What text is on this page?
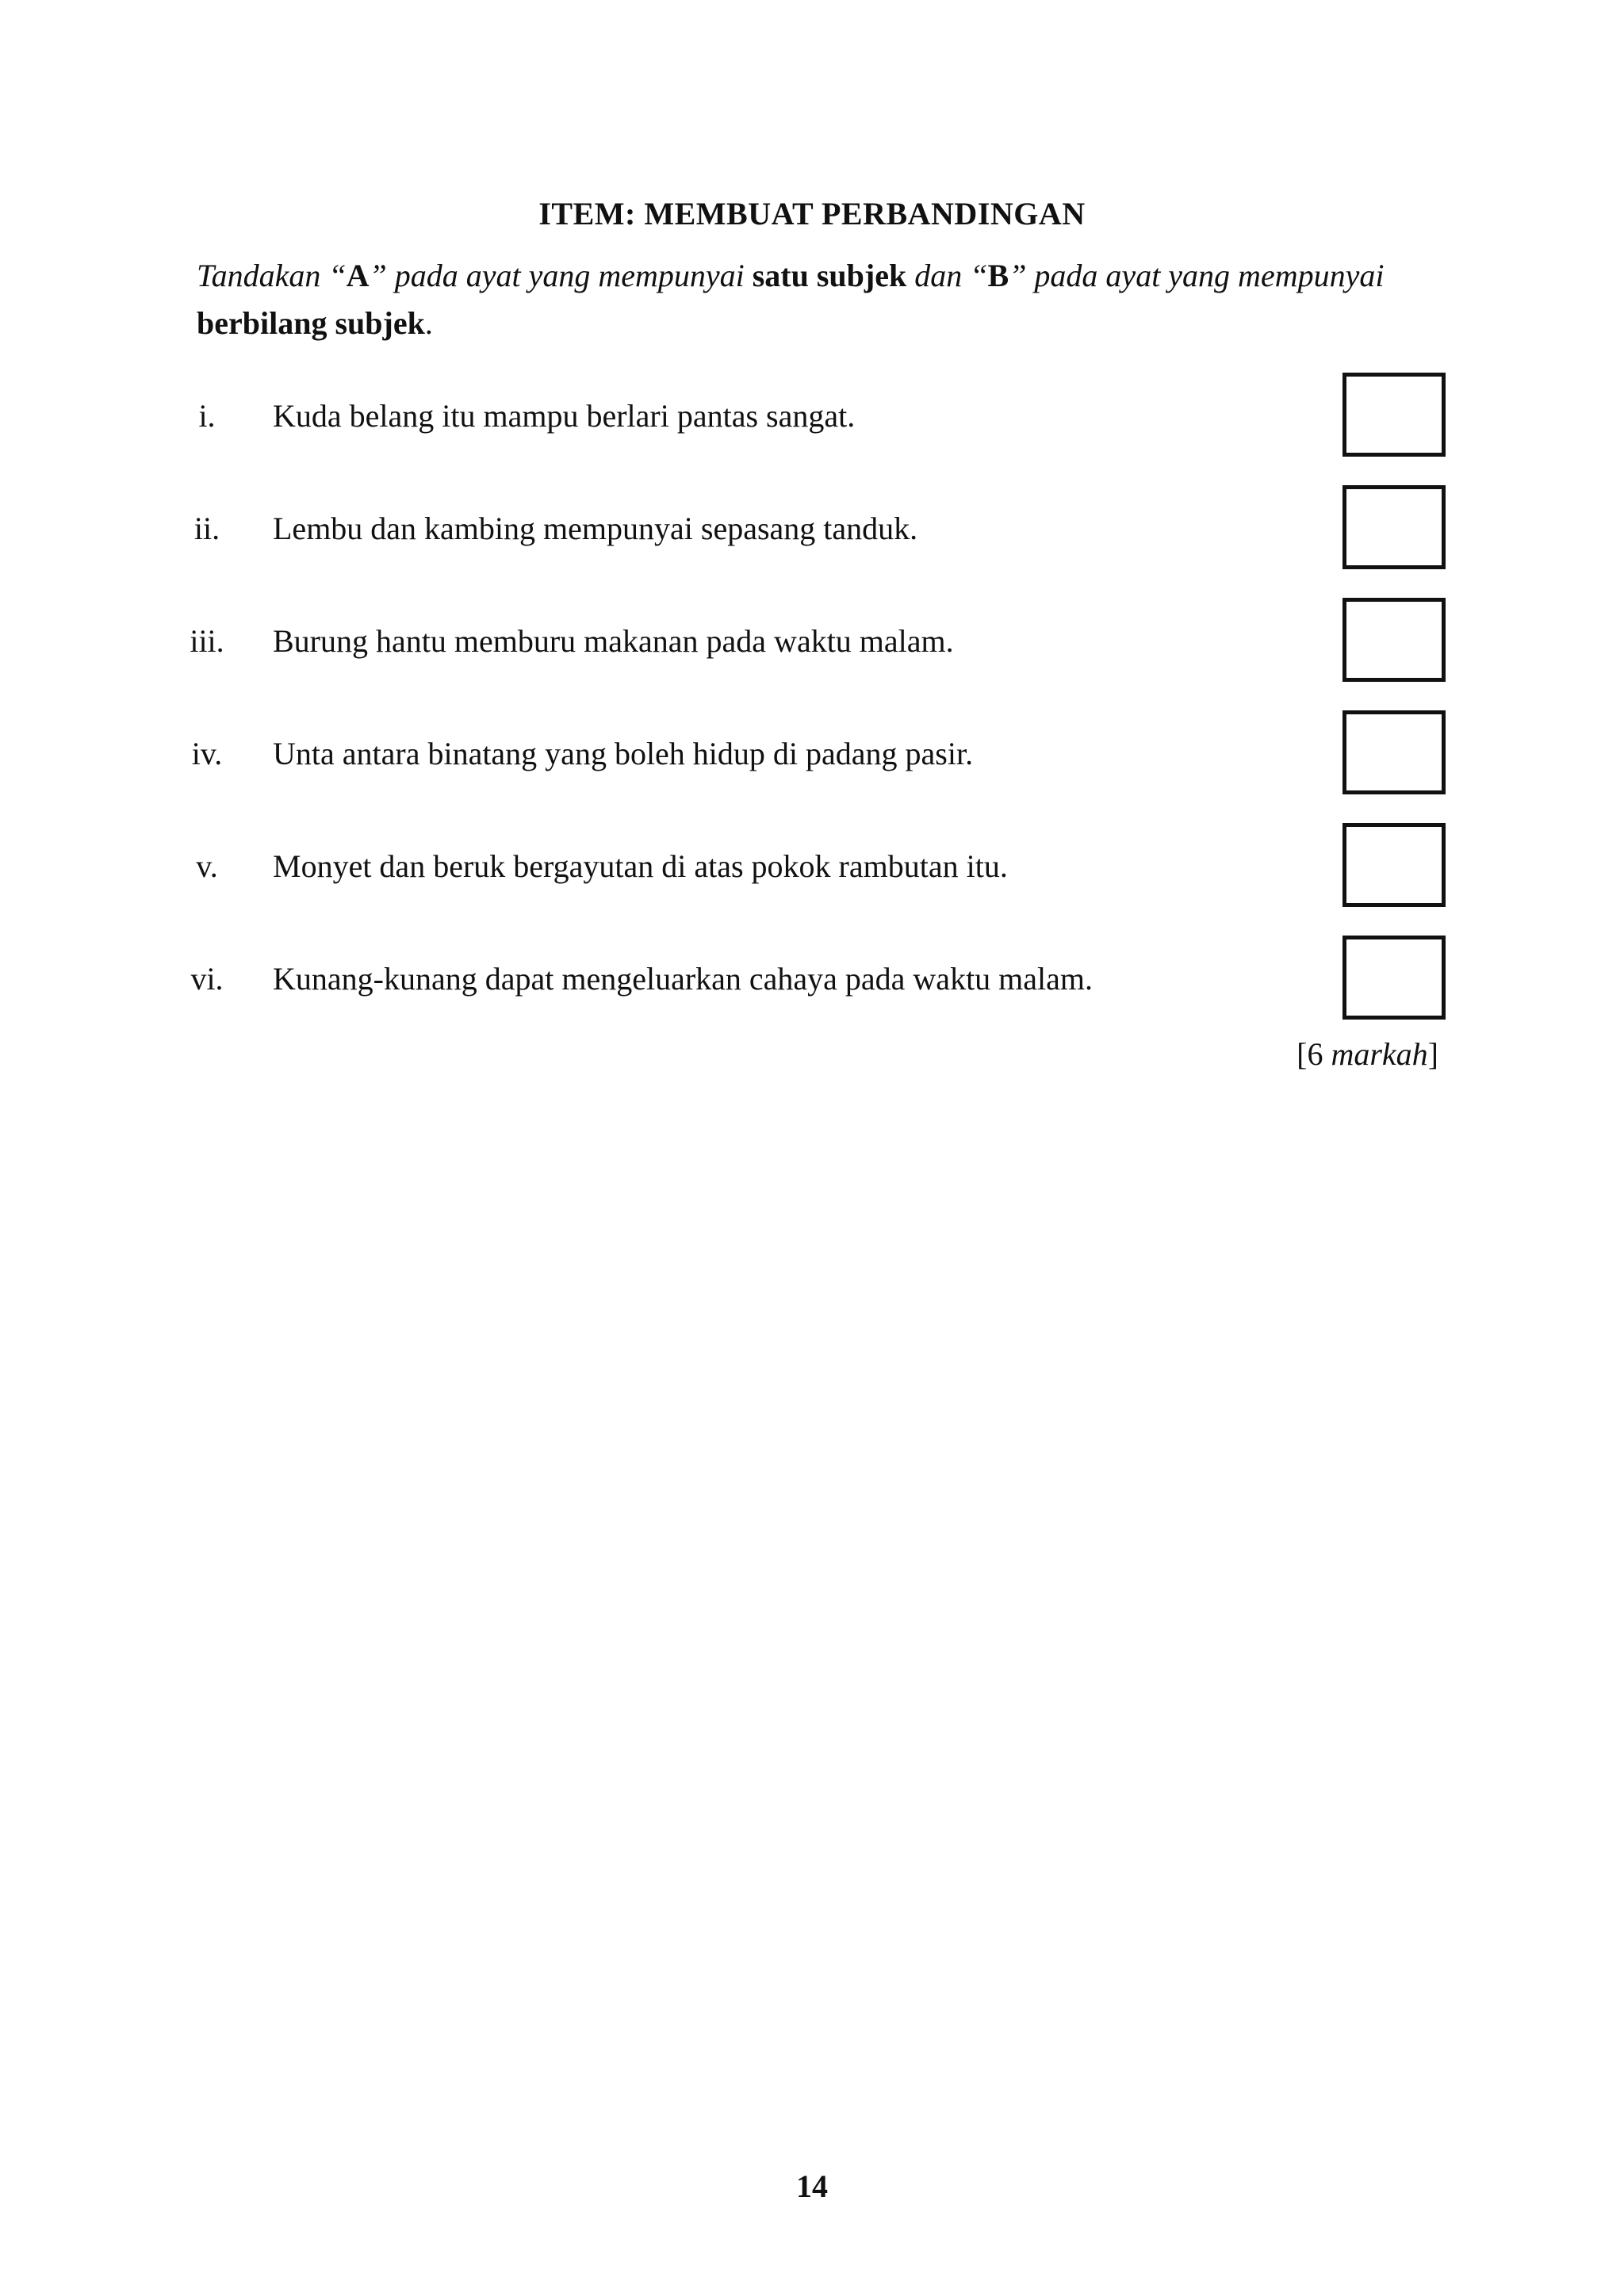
ITEM: MEMBUAT PERBANDINGAN
Tandakan “A” pada ayat yang mempunyai satu subjek dan “B” pada ayat yang mempunyai
berbilang subjek.
i.	Kuda belang itu mampu berlari pantas sangat.
ii.	Lembu dan kambing mempunyai sepasang tanduk.
iii.	Burung hantu memburu makanan pada waktu malam.
iv.	Unta antara binatang yang boleh hidup di padang pasir.
v.	Monyet dan beruk bergayutan di atas pokok rambutan itu.
vi.	Kunang-kunang dapat mengeluarkan cahaya pada waktu malam.
[6 markah]
14
